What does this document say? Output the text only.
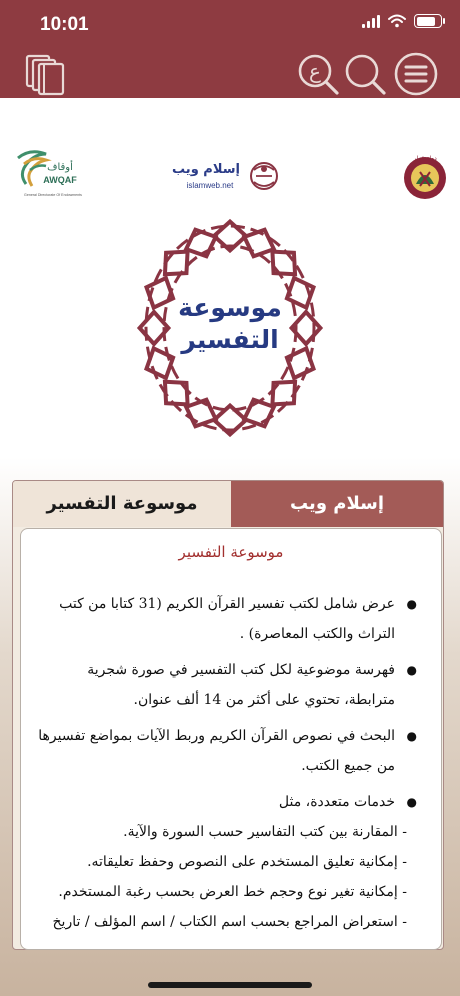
10:01
ع
أوقاف
AWQAF
General Directorate Of Endowments
إسلام ويب
islamweb.net
دولة قطر
موسوعة
التفسير
إسلام ويب
موسوعة التفسير
موسوعة التفسير
● عرض شامل لكتب تفسير القرآن الكريم (31 كتابا من كتب التراث والكتب المعاصرة) .
● فهرسة موضوعية لكل كتب التفسير في صورة شجرية مترابطة، تحتوي على أكثر من 14 ألف عنوان.
● البحث في نصوص القرآن الكريم وربط الآيات بمواضع تفسيرها من جميع الكتب.
● خدمات متعددة، مثل
- المقارنة بين كتب التفاسير حسب السورة والآية.
- إمكانية تعليق المستخدم على النصوص وحفظ تعليقاته.
- إمكانية تغير نوع وحجم خط العرض بحسب رغبة المستخدم.
- استعراض المراجع بحسب اسم الكتاب / اسم المؤلف / تاريخ
